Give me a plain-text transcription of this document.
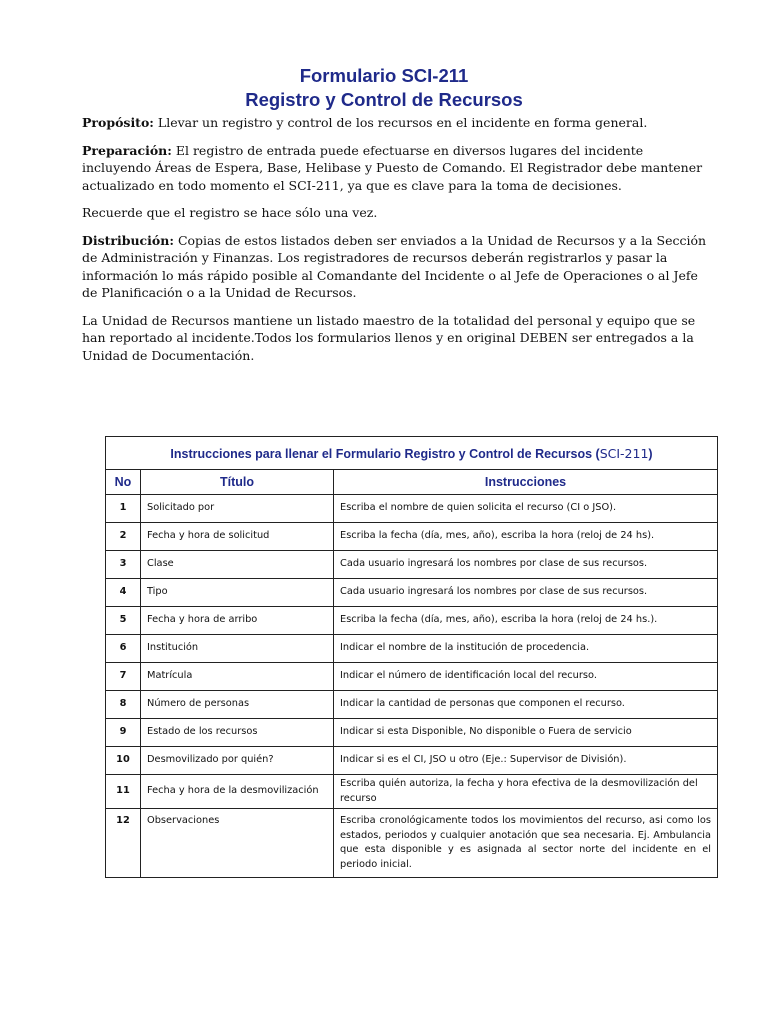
Formulario SCI-211
Registro y Control de Recursos

Propósito: Llevar un registro y control de los recursos en el incidente en forma general.

Preparación: El registro de entrada puede efectuarse en diversos lugares del incidente incluyendo Áreas de Espera, Base, Helibase y Puesto de Comando. El Registrador debe mantener actualizado en todo momento el SCI-211, ya que es clave para la toma de decisiones.

Recuerde que el registro se hace sólo una vez.

Distribución: Copias de estos listados deben ser enviados a la Unidad de Recursos y a la Sección de Administración y Finanzas. Los registradores de recursos deberán registrarlos y pasar la información lo más rápido posible al Comandante del Incidente o al Jefe de Operaciones o al Jefe de Planificación o a la Unidad de Recursos.

La Unidad de Recursos mantiene un listado maestro de la totalidad del personal y equipo que se han reportado al incidente.Todos los formularios llenos y en original DEBEN ser entregados a la Unidad de Documentación.

Instrucciones para llenar el Formulario Registro y Control de Recursos (SCI-211)		
No	Título	Instrucciones
1	Solicitado por	Escriba el nombre de quien solicita el recurso (CI o JSO).
2	Fecha y hora de solicitud	Escriba la fecha (día, mes, año), escriba la hora (reloj de 24 hs).
3	Clase	Cada usuario ingresará los nombres por clase de sus recursos.
4	Tipo	Cada usuario ingresará los nombres por clase de sus recursos.
5	Fecha y hora de arribo	Escriba la fecha (día, mes, año), escriba la hora (reloj de 24 hs.).
6	Institución	Indicar el nombre de la institución de procedencia.
7	Matrícula	Indicar el número de identificación local del recurso.
8	Número de personas	Indicar la cantidad de personas que componen el recurso.
9	Estado de los recursos	Indicar si esta Disponible, No disponible o Fuera de servicio
10	Desmovilizado por quién?	Indicar si es el CI, JSO u otro (Eje.: Supervisor de División).
11	Fecha y hora de la desmovilización	Escriba quién autoriza, la fecha y hora efectiva de la desmovilización del recurso
12	Observaciones	Escriba cronológicamente todos los movimientos del recurso, asi como los estados, periodos y cualquier anotación que sea necesaria. Ej. Ambulancia que esta disponible y es asignada al sector norte del incidente en el periodo inicial.
